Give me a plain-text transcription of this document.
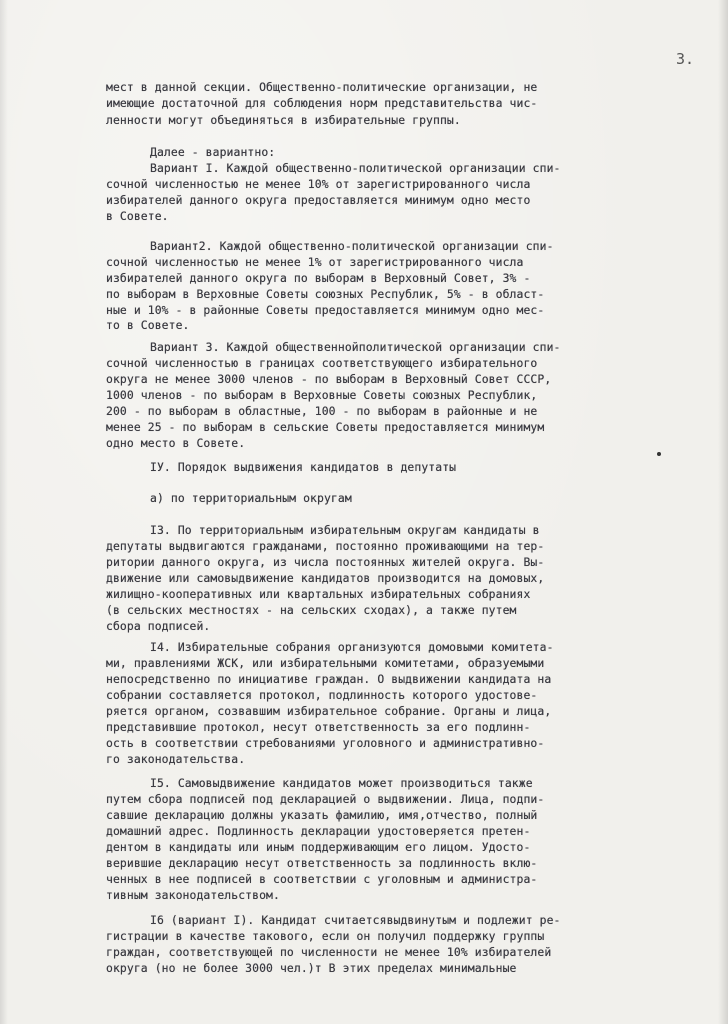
3.
мест в данной секции. Общественно-политические организации, не
имеющие достаточной для соблюдения норм представительства чис-
ленности могут объединяться в избирательные группы.
Далее - вариантно:
Вариант I. Каждой общественно-политической организации спи-
сочной численностью не менее 10% от зарегистрированного числа
избирателей данного округа предоставляется минимум одно место
в Совете.
Вариант2. Каждой общественно-политической организации спи-
сочной численностью не менее 1% от зарегистрированного числа
избирателей данного округа по выборам в Верховный Совет, 3% -
по выборам в Верховные Советы союзных Республик, 5% - в област-
ные и 10% - в районные Советы предоставляется минимум одно мес-
то в Совете.
Вариант 3. Каждой общественнойполитической организации спи-
сочной численностью в границах соответствующего избирательного
округа не менее 3000 членов - по выборам в Верховный Совет СССР,
1000 членов - по выборам в Верховные Советы союзных Республик,
200 - по выборам в областные, 100 - по выборам в районные и не
менее 25 - по выборам в сельские Советы предоставляется минимум
одно место в Совете.
IУ. Порядок выдвижения кандидатов в депутаты
а) по территориальным округам
I3. По территориальным избирательным округам кандидаты в
депутаты выдвигаются гражданами, постоянно проживающими на тер-
ритории данного округа, из числа постоянных жителей округа. Вы-
движение или самовыдвижение кандидатов производится на домовых,
жилищно-кооперативных или квартальных избирательных собраниях
(в сельских местностях - на сельских сходах), а также путем
сбора подписей.
I4. Избирательные собрания организуются домовыми комитета-
ми, правлениями ЖСК, или избирательными комитетами, образуемыми
непосредственно по инициативе граждан. О выдвижении кандидата на
собрании составляется протокол, подлинность которого удостове-
ряется органом, созвавшим избирательное собрание. Органы и лица,
представившие протокол, несут ответственность за его подлинн-
ость в соответствии стребованиями уголовного и административно-
го законодательства.
I5. Самовыдвижение кандидатов может производиться также
путем сбора подписей под декларацией о выдвижении. Лица, подпи-
савшие декларацию должны указать фамилию, имя,отчество, полный
домашний адрес. Подлинность декларации удостоверяется претен-
дентом в кандидаты или иным поддерживающим его лицом. Удосто-
верившие декларацию несут ответственность за подлинность вклю-
ченных в нее подписей в соответствии с уголовным и администра-
тивным законодательством.
I6 (вариант I). Кандидат считаетсявыдвинутым и подлежит ре-
гистрации в качестве такового, если он получил поддержку группы
граждан, соответствующей по численности не менее 10% избирателей
округа (но не более 3000 чел.)т В этих пределах минимальные
